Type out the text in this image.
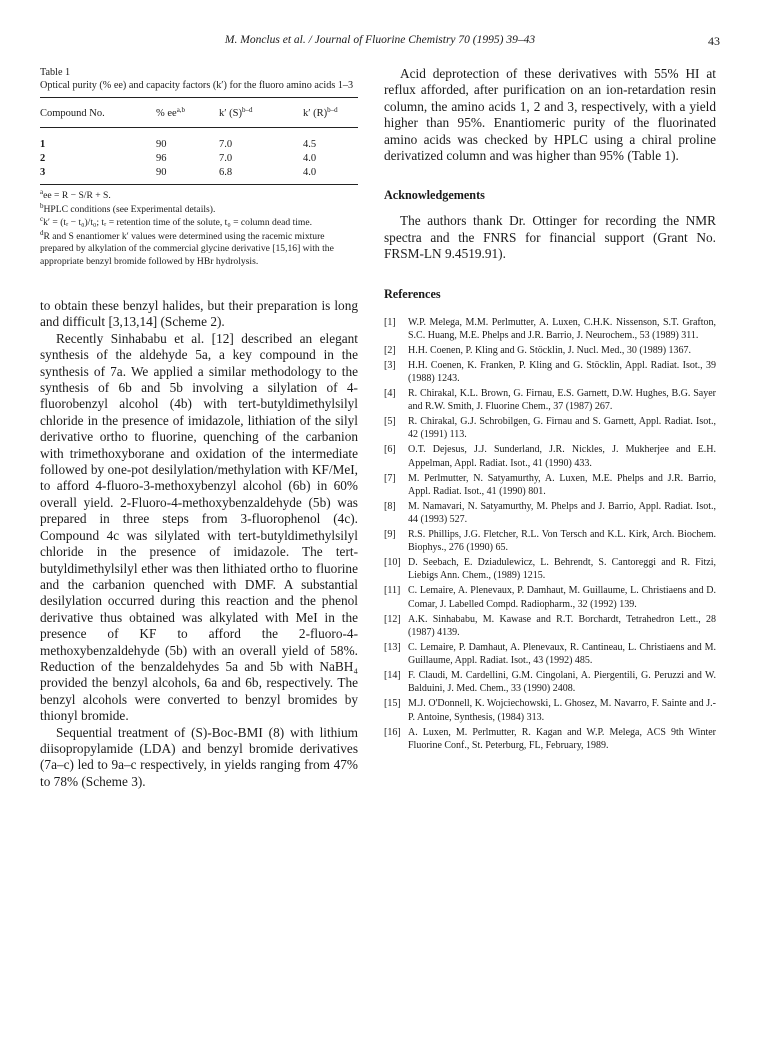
M. Monclus et al. / Journal of Fluorine Chemistry 70 (1995) 39–43	43

Table 1

Optical purity (% ee) and capacity factors (k′) for the fluoro amino acids 1–3

Compound No.	% ee$^{a,b}$	k′ $(S)^{b-d}$	k′ $(R)^{b-d}$

1	90	7.0	4.5
2	96	7.0	4.0
3	90	6.8	4.0

$^a$ee = R − S/R + S.

$^b$HPLC conditions (see Experimental details).

$^c$k′ = (tᵣ − t₀)/t₀; tᵣ = retention time of the solute, t₀ = column dead time.

$^d$R and S enantiomer k′ values were determined using the racemic mixture prepared by alkylation of the commercial glycine derivative [15,16] with the appropriate benzyl bromide followed by HBr hydrolysis.

to obtain these benzyl halides, but their preparation is long and difficult [3,13,14] (Scheme 2).

Recently Sinhababu et al. [12] described an elegant synthesis of the aldehyde 5a, a key compound in the synthesis of 7a. We applied a similar methodology to the synthesis of 6b and 5b involving a silylation of 4-fluorobenzyl alcohol (4b) with tert-butyldimethylsilyl chloride in the presence of imidazole, lithiation of the silyl derivative ortho to fluorine, quenching of the carbanion with trimethoxyborane and oxidation of the intermediate followed by one-pot desilylation/methylation with KF/MeI, to afford 4-fluoro-3-methoxybenzyl alcohol (6b) in 60% overall yield. 2-Fluoro-4-methoxybenzaldehyde (5b) was prepared in three steps from 3-fluorophenol (4c). Compound 4c was silylated with tert-butyldimethylsilyl chloride in the presence of imidazole. The tert-butyldimethylsilyl ether was then lithiated ortho to fluorine and the carbanion quenched with DMF. A substantial desilylation occurred during this reaction and the phenol derivative thus obtained was alkylated with MeI in the presence of KF to afford the 2-fluoro-4-methoxybenzaldehyde (5b) with an overall yield of 58%. Reduction of the benzaldehydes 5a and 5b with NaBH₄ provided the benzyl alcohols, 6a and 6b, respectively. The benzyl alcohols were converted to benzyl bromides by thionyl bromide.

Sequential treatment of (S)-Boc-BMI (8) with lithium diisopropylamide (LDA) and benzyl bromide derivatives (7a–c) led to 9a–c respectively, in yields ranging from 47% to 78% (Scheme 3).

Acid deprotection of these derivatives with 55% HI at reflux afforded, after purification on an ion-retardation resin column, the amino acids 1, 2 and 3, respectively, with a yield higher than 95%. Enantiomeric purity of the fluorinated amino acids was checked by HPLC using a chiral proline derivatized column and was higher than 95% (Table 1).

Acknowledgements

The authors thank Dr. Ottinger for recording the NMR spectra and the FNRS for financial support (Grant No. FRSM-LN 9.4519.91).

References
[1]	W.P. Melega, M.M. Perlmutter, A. Luxen, C.H.K. Nissenson, S.T. Grafton, S.C. Huang, M.E. Phelps and J.R. Barrio, J. Neurochem., 53 (1989) 311.
[2]	H.H. Coenen, P. Kling and G. Stöcklin, J. Nucl. Med., 30 (1989) 1367.
[3]	H.H. Coenen, K. Franken, P. Kling and G. Stöcklin, Appl. Radiat. Isot., 39 (1988) 1243.
[4]	R. Chirakal, K.L. Brown, G. Firnau, E.S. Garnett, D.W. Hughes, B.G. Sayer and R.W. Smith, J. Fluorine Chem., 37 (1987) 267.
[5]	R. Chirakal, G.J. Schrobilgen, G. Firnau and S. Garnett, Appl. Radiat. Isot., 42 (1991) 113.
[6]	O.T. Dejesus, J.J. Sunderland, J.R. Nickles, J. Mukherjee and E.H. Appelman, Appl. Radiat. Isot., 41 (1990) 433.
[7]	M. Perlmutter, N. Satyamurthy, A. Luxen, M.E. Phelps and J.R. Barrio, Appl. Radiat. Isot., 41 (1990) 801.
[8]	M. Namavari, N. Satyamurthy, M. Phelps and J. Barrio, Appl. Radiat. Isot., 44 (1993) 527.
[9]	R.S. Phillips, J.G. Fletcher, R.L. Von Tersch and K.L. Kirk, Arch. Biochem. Biophys., 276 (1990) 65.
[10] D. Seebach, E. Dziadulewicz, L. Behrendt, S. Cantoreggi and R. Fitzi, Liebigs Ann. Chem., (1989) 1215.
[11] C. Lemaire, A. Plenevaux, P. Damhaut, M. Guillaume, L. Christiaens and D. Comar, J. Labelled Compd. Radiopharm., 32 (1992) 139.
[12] A.K. Sinhababu, M. Kawase and R.T. Borchardt, Tetrahedron Lett., 28 (1987) 4139.
[13] C. Lemaire, P. Damhaut, A. Plenevaux, R. Cantineau, L. Christiaens and M. Guillaume, Appl. Radiat. Isot., 43 (1992) 485.
[14] F. Claudi, M. Cardellini, G.M. Cingolani, A. Piergentili, G. Peruzzi and W. Balduini, J. Med. Chem., 33 (1990) 2408.
[15] M.J. O'Donnell, K. Wojciechowski, L. Ghosez, M. Navarro, F. Sainte and J.-P. Antoine, Synthesis, (1984) 313.
[16] A. Luxen, M. Perlmutter, R. Kagan and W.P. Melega, ACS 9th Winter Fluorine Conf., St. Peterburg, FL, February, 1989.
